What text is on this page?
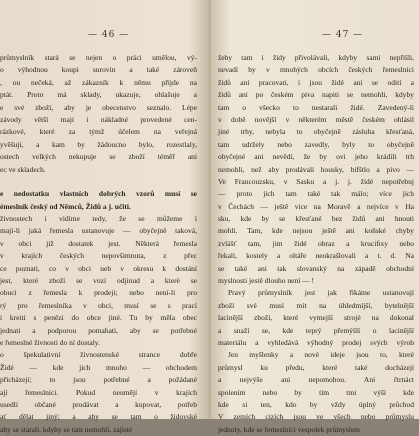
— 46 —
průmyslník stará se nejen o práci umělou, vý-
o výhodnou koupi surovin a také zároveň
, ou nečeká, až zákazník k němu přijde na
ptát. Proto má sklady, ukazuje, ohlašuje a
e své zboží, aby je obecenstvo seznalo. Lépe
závody větší mají i nákladné provedené cen-
rázkové, které za týmž účelem na veřejná
yvěšují, a kam by žádoucno bylo, rozestlaly,
ostech velkých nekupuje se zboží téměř ani
ec ve skladech.
e nedostatku vlastních dobrých vzorů musí se
émeslník český od Němců, Židů a j. učiti.
živnostech i vidíme tedy, že se můžeme i
mají-li jaká řemesla ustanovuje — obyčejně taková,
v obci již dostatek jest. Některá řemesla
v krajích českých nepovšimnuta, z přec
ce poznati, co v obci neb v okresu k dostání
jest, které zboží se vozí odjinud a které se
obuci z řemesla k prodeji; nebo není-li pro
rý pro řemeslníka v obci, musí se s prací
i kreiti s penězi do obce jiné. Tu by měla obec
jednati a podporou pomahati, aby se potřebné
e řemeslné živnosti do ní dostaly.
o špekulativní živnostenské strance dobře
Židé — kde jich mnoho — obchodem
přicházejí; to jsou potřebné a požádané
ají řemeslníci. Pokud neumějí v krajích
usedlí občané prodávat a kupovat, potřeb
ať dělat jiný; a aby se tam o židovské
aby se starali, kdyby se tam nemohli, zajisté
— 47 —
žeby tam i židy přivolávali, kdyby sami nepřišli,
nevadí by v mnohých obcích českých řemeslníci
židů ani pracovati, i jsou židé ani se odití a
židů ani po českém piva napiti se nemohli, kdyby
tam o všecko to nestarali židé. Zavedený-li
v době novější v některém městě českém ohlásil
jiné trhy, nebyla to obyčejně zásluha křesťaná,
tam udržely nebo zavedly, byly to obyčejně
obyčejné ani nevědí, že by ovi jeho krádili trh
nemohli, než aby prodávali housky, bifštlo a pivo —
Ve Francouzsku, v Sasku a j. j. židé nepotřebuj
— proto jich tam také tak málo; více jich
v Čechách — ještě více na Moravě a nejvíce v Ha
sku, kde by se křesťané bez židů ani hnouti
mohli. Tam, kde nejsou ještě ani koňské chyby
zvlášť tam, jim židé obraz a kruciﬁxy nebo
řekali, kostely a oltáře neokrašlovali a t. d. Na
se také ani tak slovanský na západě obchodní
myslnosti jestě dlouho není — !
Pravý průmyslník jest jak říkáme ustanovují
zboží své musí mít na úhledmíjší, bytelnější
lacinější zboží, které vymejší strojé na dokonal
a snaží se, kde teprý přemýšlí o lacinější
materiálu a vyhledává výhodný prodej svých výrob
Jen myšlenky a nové ideje jsou to, které
průmysl ku předu, které také docházejí
a nejvýše ani nepomohou. Ani čtrnáct
spolením nebo by tím tmi výší kde
kde si ten, kdo by vždy úplný průchod
V zemích cizích jsou ve všech nebo průmyslu
jednoty, kde se řemeslníci vespolek průmyslem
